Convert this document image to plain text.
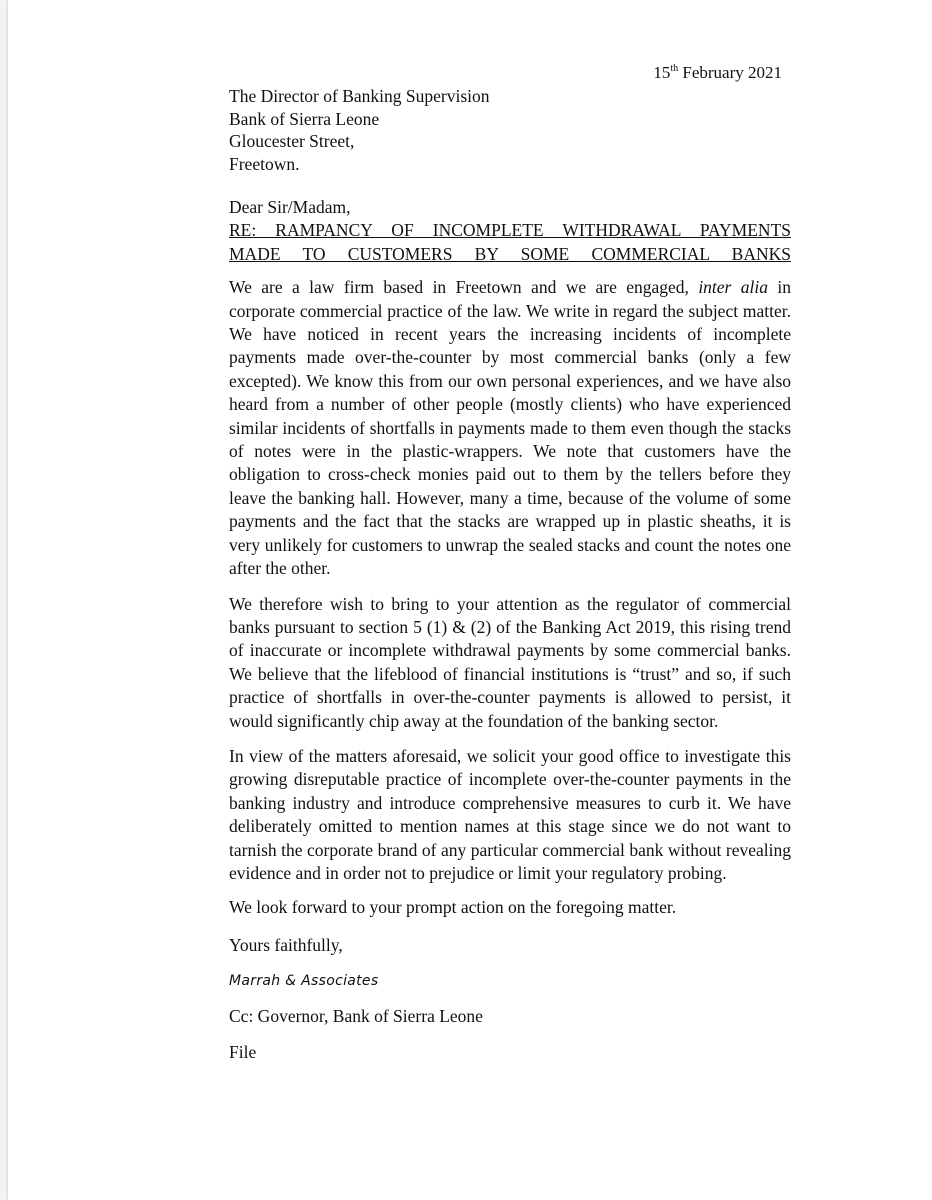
15th February 2021
The Director of Banking Supervision
Bank of Sierra Leone
Gloucester Street,
Freetown.

Dear Sir/Madam,

RE: RAMPANCY OF INCOMPLETE WITHDRAWAL PAYMENTS
MADE TO CUSTOMERS BY SOME COMMERCIAL BANKS

We are a law firm based in Freetown and we are engaged, inter alia in corporate commercial practice of the law. We write in regard the subject matter. We have noticed in recent years the increasing incidents of incomplete payments made over-the-counter by most commercial banks (only a few excepted). We know this from our own personal experiences, and we have also heard from a number of other people (mostly clients) who have experienced similar incidents of shortfalls in payments made to them even though the stacks of notes were in the plastic-wrappers. We note that customers have the obligation to cross-check monies paid out to them by the tellers before they leave the banking hall. However, many a time, because of the volume of some payments and the fact that the stacks are wrapped up in plastic sheaths, it is very unlikely for customers to unwrap the sealed stacks and count the notes one after the other.

We therefore wish to bring to your attention as the regulator of commercial banks pursuant to section 5 (1) & (2) of the Banking Act 2019, this rising trend of inaccurate or incomplete withdrawal payments by some commercial banks. We believe that the lifeblood of financial institutions is “trust” and so, if such practice of shortfalls in over-the-counter payments is allowed to persist, it would significantly chip away at the foundation of the banking sector.

In view of the matters aforesaid, we solicit your good office to investigate this growing disreputable practice of incomplete over-the-counter payments in the banking industry and introduce comprehensive measures to curb it. We have deliberately omitted to mention names at this stage since we do not want to tarnish the corporate brand of any particular commercial bank without revealing evidence and in order not to prejudice or limit your regulatory probing.

We look forward to your prompt action on the foregoing matter.

Yours faithfully,

Marrah & Associates

Cc: Governor, Bank of Sierra Leone

File
